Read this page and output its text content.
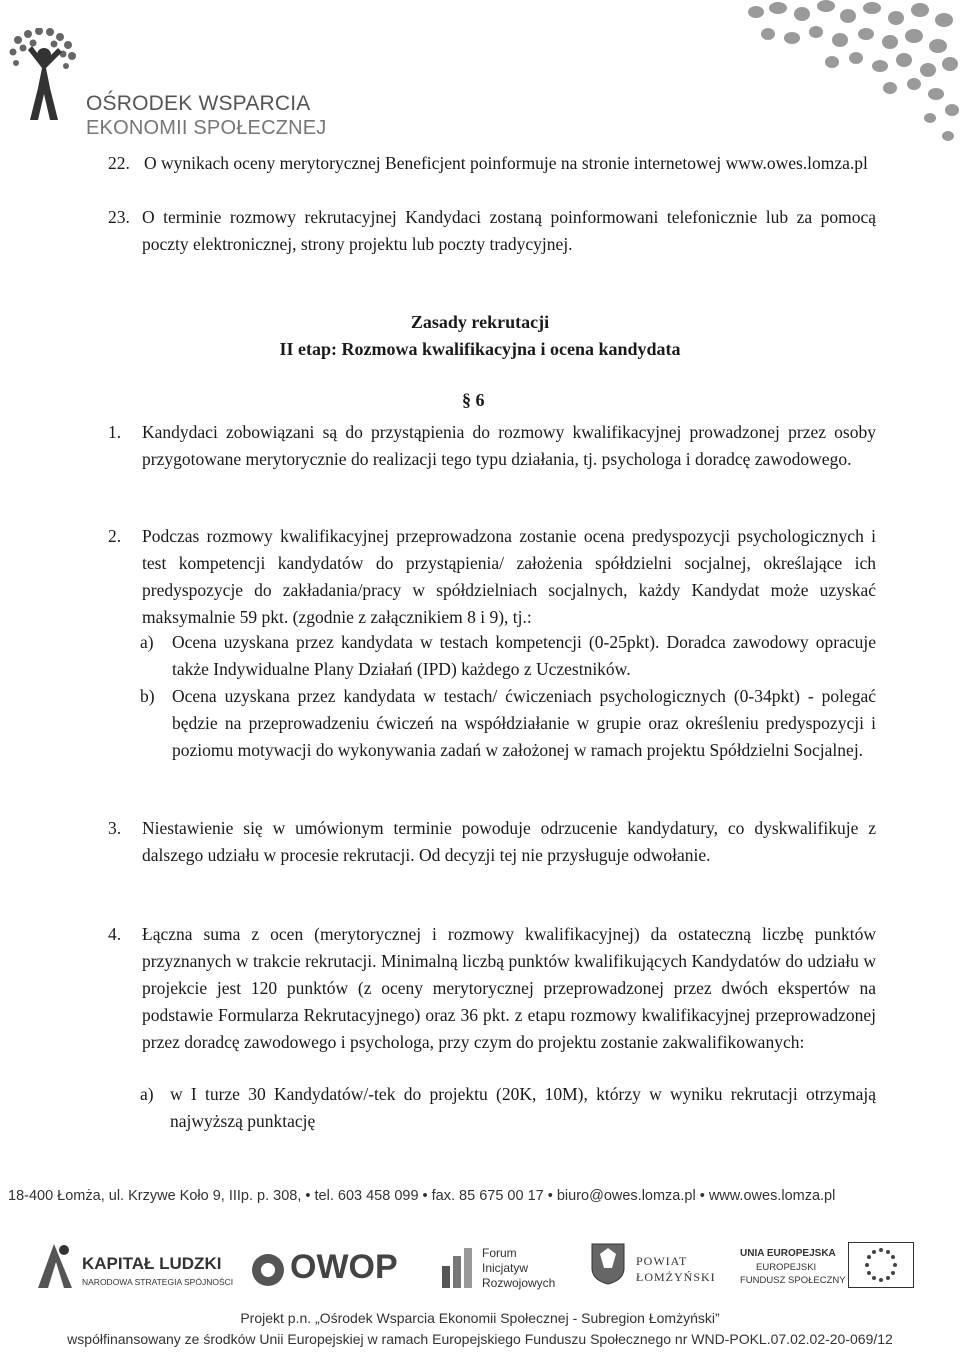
OŚRODEK WSPARCIA
EKONOMII SPOŁECZNEJ
22. O wynikach oceny merytorycznej Beneficjent poinformuje na stronie internetowej www.owes.lomza.pl
23. O terminie rozmowy rekrutacyjnej Kandydaci zostaną poinformowani telefonicznie lub za pomocą poczty elektronicznej, strony projektu lub poczty tradycyjnej.
Zasady rekrutacji
II etap: Rozmowa kwalifikacyjna i ocena kandydata
§ 6
1.	Kandydaci zobowiązani są do przystąpienia do rozmowy kwalifikacyjnej prowadzonej przez osoby przygotowane merytorycznie do realizacji tego typu działania, tj. psychologa i doradcę zawodowego.
2.	Podczas rozmowy kwalifikacyjnej przeprowadzona zostanie ocena predyspozycji psychologicznych i test kompetencji kandydatów do przystąpienia/ założenia spółdzielni socjalnej, określające ich predyspozycje do zakładania/pracy w spółdzielniach socjalnych, każdy Kandydat może uzyskać maksymalnie 59 pkt. (zgodnie z załącznikiem 8 i 9), tj.:
a)	Ocena uzyskana przez kandydata w testach kompetencji (0-25pkt). Doradca zawodowy opracuje także Indywidualne Plany Działań (IPD) każdego z Uczestników.
b) Ocena uzyskana przez kandydata w testach/ ćwiczeniach psychologicznych (0-34pkt) - polegać będzie na przeprowadzeniu ćwiczeń na współdziałanie w grupie oraz określeniu predyspozycji i poziomu motywacji do wykonywania zadań w założonej w ramach projektu Spółdzielni Socjalnej.
3.	Niestawienie się w umówionym terminie powoduje odrzucenie kandydatury, co dyskwalifikuje z dalszego udziału w procesie rekrutacji. Od decyzji tej nie przysługuje odwołanie.
4.	Łączna suma z ocen (merytorycznej i rozmowy kwalifikacyjnej) da ostateczną liczbę punktów przyznanych w trakcie rekrutacji. Minimalną liczbą punktów kwalifikujących Kandydatów do udziału w projekcie jest 120 punktów (z oceny merytorycznej przeprowadzonej przez dwóch ekspertów na podstawie Formularza Rekrutacyjnego) oraz 36 pkt. z etapu rozmowy kwalifikacyjnej przeprowadzonej przez doradcę zawodowego i psychologa, przy czym do projektu zostanie zakwalifikowanych:
a) w I turze 30 Kandydatów/-tek do projektu (20K, 10M), którzy w wyniku rekrutacji otrzymają najwyższą punktację
18-400 Łomża, ul. Krzywe Koło 9, IIIp. p. 308, • tel. 603 458 099 • fax. 85 675 00 17 • biuro@owes.lomza.pl • www.owes.lomza.pl
KAPITAŁ LUDZKI
NARODOWA STRATEGIA SPÓJNOŚCI OWOP	Forum
Inicjatyw
Rozwojowych
POWIAT
ŁOMŻYŃSKI
UNIA EUROPEJSKA
EUROPEJSKI
FUNDUSZ SPOŁECZNY
Projekt p.n. „Ośrodek Wsparcia Ekonomii Społecznej - Subregion Łomżyński”
współfinansowany ze środków Unii Europejskiej w ramach Europejskiego Funduszu Społecznego nr WND-POKL.07.02.02-20-069/12
